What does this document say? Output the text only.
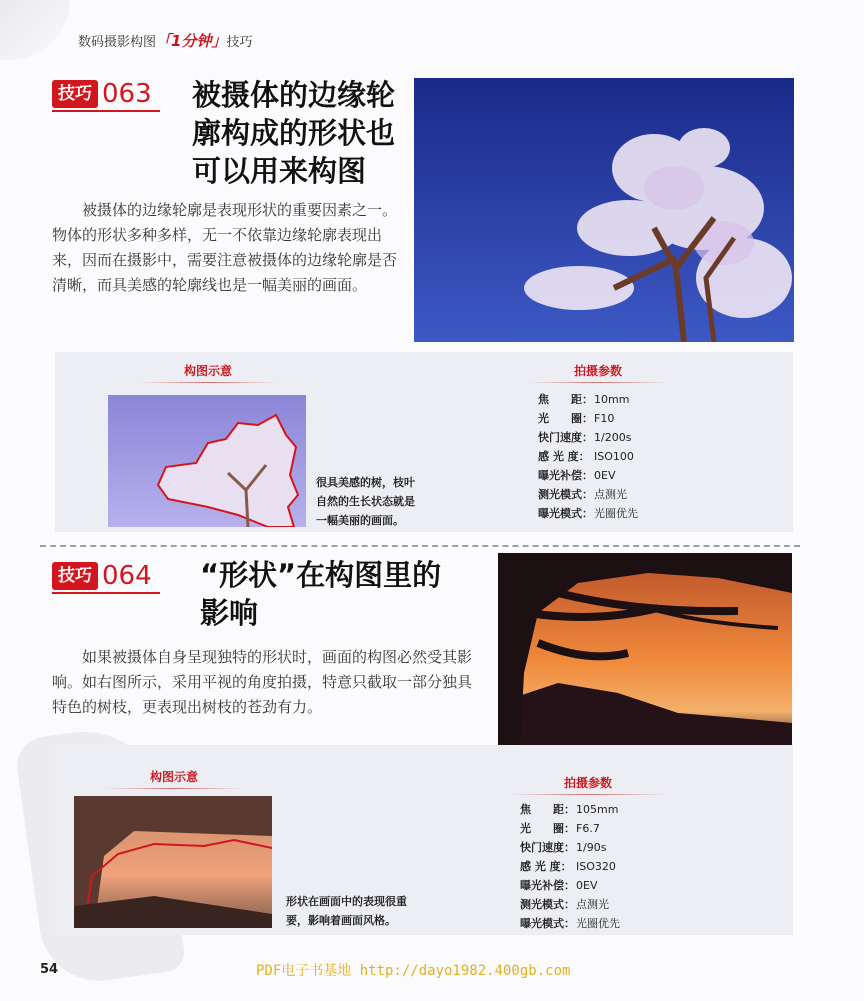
数码摄影构图「1分钟」技巧
技巧 063 被摄体的边缘轮
廓构成的形状也
可以用来构图

被摄体的边缘轮廓是表现形状的重要因素之一。物体的形状多种多样，无一不依靠边缘轮廓表现出来，因而在摄影中，需要注意被摄体的边缘轮廓是否清晰，而具美感的轮廓线也是一幅美丽的画面。

构图示意
很具美感的树，枝叶
自然的生长状态就是
一幅美丽的画面。
拍摄参数
焦　　距： 10mm
光　　圈： F10
快门速度： 1/200s
感 光 度： ISO100
曝光补偿： 0EV
测光模式： 点测光
曝光模式： 光圈优先
技巧 064 “形状”在构图里的
影响

如果被摄体自身呈现独特的形状时，画面的构图必然受其影响。如右图所示，采用平视的角度拍摄，特意只截取一部分独具特色的树枝，更表现出树枝的苍劲有力。

构图示意
形状在画面中的表现很重
要，影响着画面风格。
拍摄参数
焦　　距： 105mm
光　　圈： F6.7
快门速度： 1/90s
感 光 度： ISO320
曝光补偿： 0EV
测光模式： 点测光
曝光模式： 光圈优先
54	PDF电子书基地 http://dayo1982.400gb.com
